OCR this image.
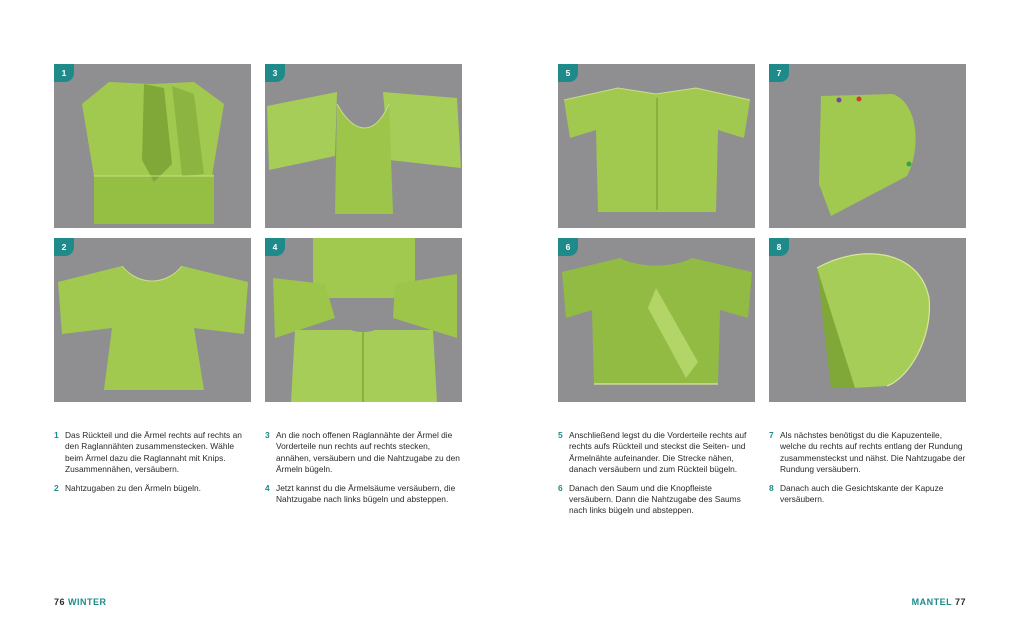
1	3	5	7
2	4	6	8
1 Das Rückteil und die Ärmel rechts auf rechts an den Raglannähten zusammenstecken. Wähle beim Ärmel dazu die Raglannaht mit Knips. Zusammennähen, versäubern.
2 Nahtzugaben zu den Ärmeln bügeln.
3 An die noch offenen Raglannähte der Ärmel die Vorderteile nun rechts auf rechts stecken, annähen, versäubern und die Nahtzugabe zu den Ärmeln bügeln.
4 Jetzt kannst du die Ärmelsäume versäubern, die Nahtzugabe nach links bügeln und absteppen.
5 Anschließend legst du die Vorderteile rechts auf rechts aufs Rückteil und steckst die Seiten- und Ärmelnähte aufeinander. Die Strecke nähen, danach versäubern und zum Rückteil bügeln.
6 Danach den Saum und die Knopfleiste versäubern. Dann die Nahtzugabe des Saums nach links bügeln und absteppen.
7 Als nächstes benötigst du die Kapuzenteile, welche du rechts auf rechts entlang der Rundung zusammensteckst und nähst. Die Nahtzugabe der Rundung versäubern.
8 Danach auch die Gesichtskante der Kapuze versäubern.
76 WINTER	MANTEL 77
